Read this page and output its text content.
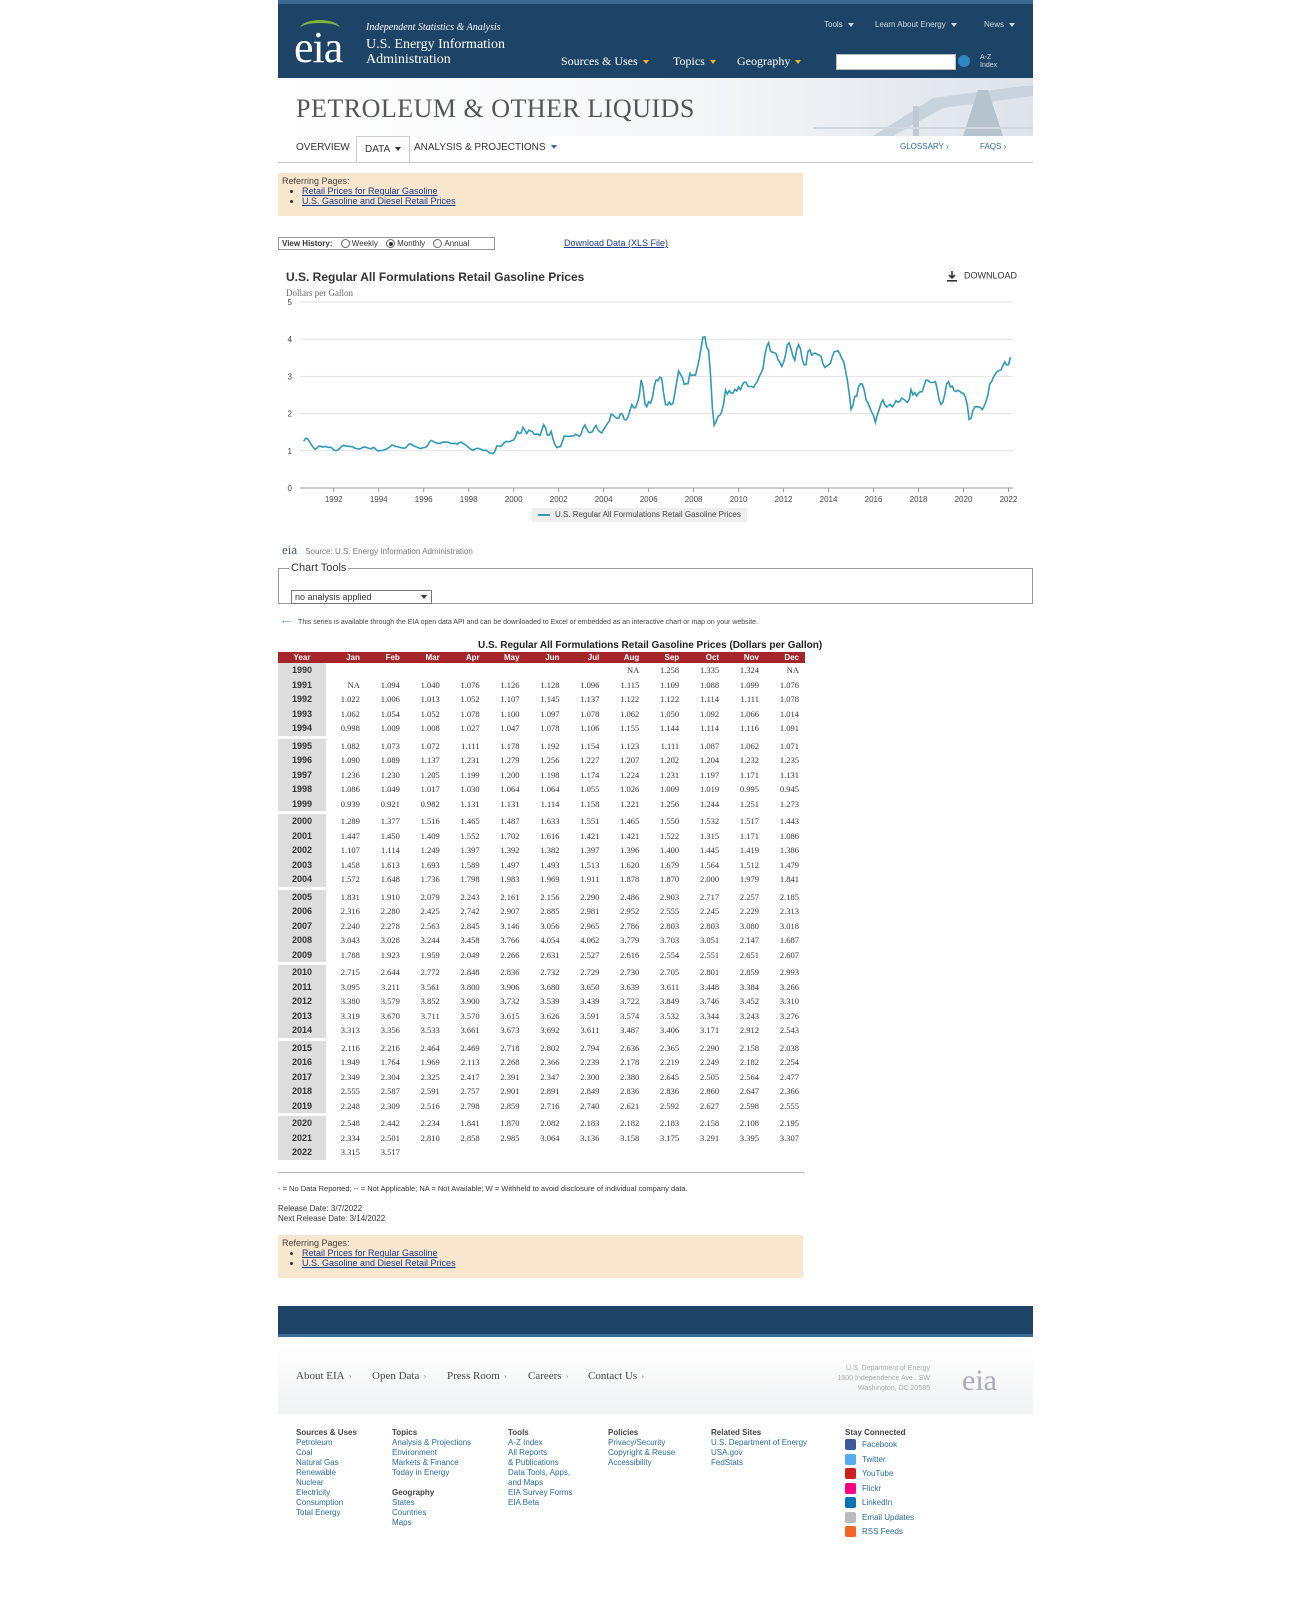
eia Independent Statistics & Analysis
U.S. Energy Information
Administration
Tools	Learn About Energy	News
Sources & Uses	Topics	Geography	A-Z
Index
PETROLEUM & OTHER LIQUIDS
OVERVIEW	DATA	ANALYSIS & PROJECTIONS	GLOSSARY ›	FAQS ›
Referring Pages:
• Retail Prices for Regular Gasoline
• U.S. Gasoline and Diesel Retail Prices
View History: Weekly Monthly Annual	Download Data (XLS File)
U.S. Regular All Formulations Retail Gasoline Prices
Dollars per Gallon
DOWNLOAD
0
1
2
3
4
5
1992	1994	1996	1998	2000	2002	2004	2006	2008	2010	2012	2014	2016	2018	2020	2022
U.S. Regular All Formulations Retail Gasoline Prices
eia Source: U.S. Energy Information Administration
Chart Tools
no analysis applied
⟵ This series is available through the EIA open data API and can be downloaded to Excel or embedded as an interactive chart or map on your website.
U.S. Regular All Formulations Retail Gasoline Prices (Dollars per Gallon)
Year	Jan	Feb	Mar	Apr	May	Jun	Jul	Aug	Sep	Oct	Nov	Dec
1990								NA	1.258	1.335	1.324	NA
1991	NA	1.094	1.040	1.076	1.126	1.128	1.096	1.115	1.109	1.088	1.099	1.076
1992	1.022	1.006	1.013	1.052	1.107	1.145	1.137	1.122	1.122	1.114	1.111	1.078
1993	1.062	1.054	1.052	1.078	1.100	1.097	1.078	1.062	1.050	1.092	1.066	1.014
1994	0.998	1.009	1.008	1.027	1.047	1.078	1.106	1.155	1.144	1.114	1.116	1.091

1995	1.082	1.073	1.072	1.111	1.178	1.192	1.154	1.123	1.111	1.087	1.062	1.071
1996	1.090	1.089	1.137	1.231	1.279	1.256	1.227	1.207	1.202	1.204	1.232	1.235
1997	1.236	1.230	1.205	1.199	1.200	1.198	1.174	1.224	1.231	1.197	1.171	1.131
1998	1.086	1.049	1.017	1.030	1.064	1.064	1.055	1.026	1.009	1.019	0.995	0.945
1999	0.939	0.921	0.982	1.131	1.131	1.114	1.158	1.221	1.256	1.244	1.251	1.273

2000	1.289	1.377	1.516	1.465	1.487	1.633	1.551	1.465	1.550	1.532	1.517	1.443
2001	1.447	1.450	1.409	1.552	1.702	1.616	1.421	1.421	1.522	1.315	1.171	1.086
2002	1.107	1.114	1.249	1.397	1.392	1.382	1.397	1.396	1.400	1.445	1.419	1.386
2003	1.458	1.613	1.693	1.589	1.497	1.493	1.513	1.620	1.679	1.564	1.512	1.479
2004	1.572	1.648	1.736	1.798	1.983	1.969	1.911	1.878	1.870	2.000	1.979	1.841

2005	1.831	1.910	2.079	2.243	2.161	2.156	2.290	2.486	2.903	2.717	2.257	2.185
2006	2.316	2.280	2.425	2.742	2.907	2.885	2.981	2.952	2.555	2.245	2.229	2.313
2007	2.240	2.278	2.563	2.845	3.146	3.056	2.965	2.786	2.803	2.803	3.080	3.018
2008	3.043	3.028	3.244	3.458	3.766	4.054	4.062	3.779	3.703	3.051	2.147	1.687
2009	1.788	1.923	1.959	2.049	2.266	2.631	2.527	2.616	2.554	2.551	2.651	2.607

2010	2.715	2.644	2.772	2.848	2.836	2.732	2.729	2.730	2.705	2.801	2.859	2.993
2011	3.095	3.211	3.561	3.800	3.906	3.680	3.650	3.639	3.611	3.448	3.384	3.266
2012	3.380	3.579	3.852	3.900	3.732	3.539	3.439	3.722	3.849	3.746	3.452	3.310
2013	3.319	3.670	3.711	3.570	3.615	3.626	3.591	3.574	3.532	3.344	3.243	3.276
2014	3.313	3.356	3.533	3.661	3.673	3.692	3.611	3.487	3.406	3.171	2.912	2.543

2015	2.116	2.216	2.464	2.469	2.718	2.802	2.794	2.636	2.365	2.290	2.158	2.038
2016	1.949	1.764	1.969	2.113	2.268	2.366	2.239	2.178	2.219	2.249	2.182	2.254
2017	2.349	2.304	2.325	2.417	2.391	2.347	2.300	2.380	2.645	2.505	2.564	2.477
2018	2.555	2.587	2.591	2.757	2.901	2.891	2.849	2.836	2.836	2.860	2.647	2.366
2019	2.248	2.309	2.516	2.798	2.859	2.716	2.740	2.621	2.592	2.627	2.598	2.555

2020	2.548	2.442	2.234	1.841	1.870	2.082	2.183	2.182	2.183	2.158	2.108	2.195
2021	2.334	2.501	2.810	2.858	2.985	3.064	3.136	3.158	3.175	3.291	3.395	3.307
2022	3.315	3.517										
- = No Data Reported; -- = Not Applicable; NA = Not Available; W = Withheld to avoid disclosure of individual company data.
Release Date: 3/7/2022
Next Release Date: 3/14/2022
Referring Pages:
• Retail Prices for Regular Gasoline
• U.S. Gasoline and Diesel Retail Prices
About EIA › Open Data › Press Room › Careers › Contact Us ›
U.S. Department of Energy
1000 Independence Ave., SW
Washington, DC 20585 eia
Sources & Uses
Petroleum
Coal
Natural Gas
Renewable
Nuclear
Electricity
Consumption
Total Energy
Topics
Analysis & Projections
Environment
Markets & Finance
Today in Energy
Geography
States
Countries
Maps
Tools
A-Z Index
All Reports
& Publications
Data Tools, Apps,
and Maps
EIA Survey Forms
EIA Beta
Policies
Privacy/Security
Copyright & Reuse
Accessibility
Related Sites
U.S. Department of Energy
USA.gov
FedStats
Stay Connected
Facebook
Twitter
YouTube
Flickr
LinkedIn
Email Updates
RSS Feeds
